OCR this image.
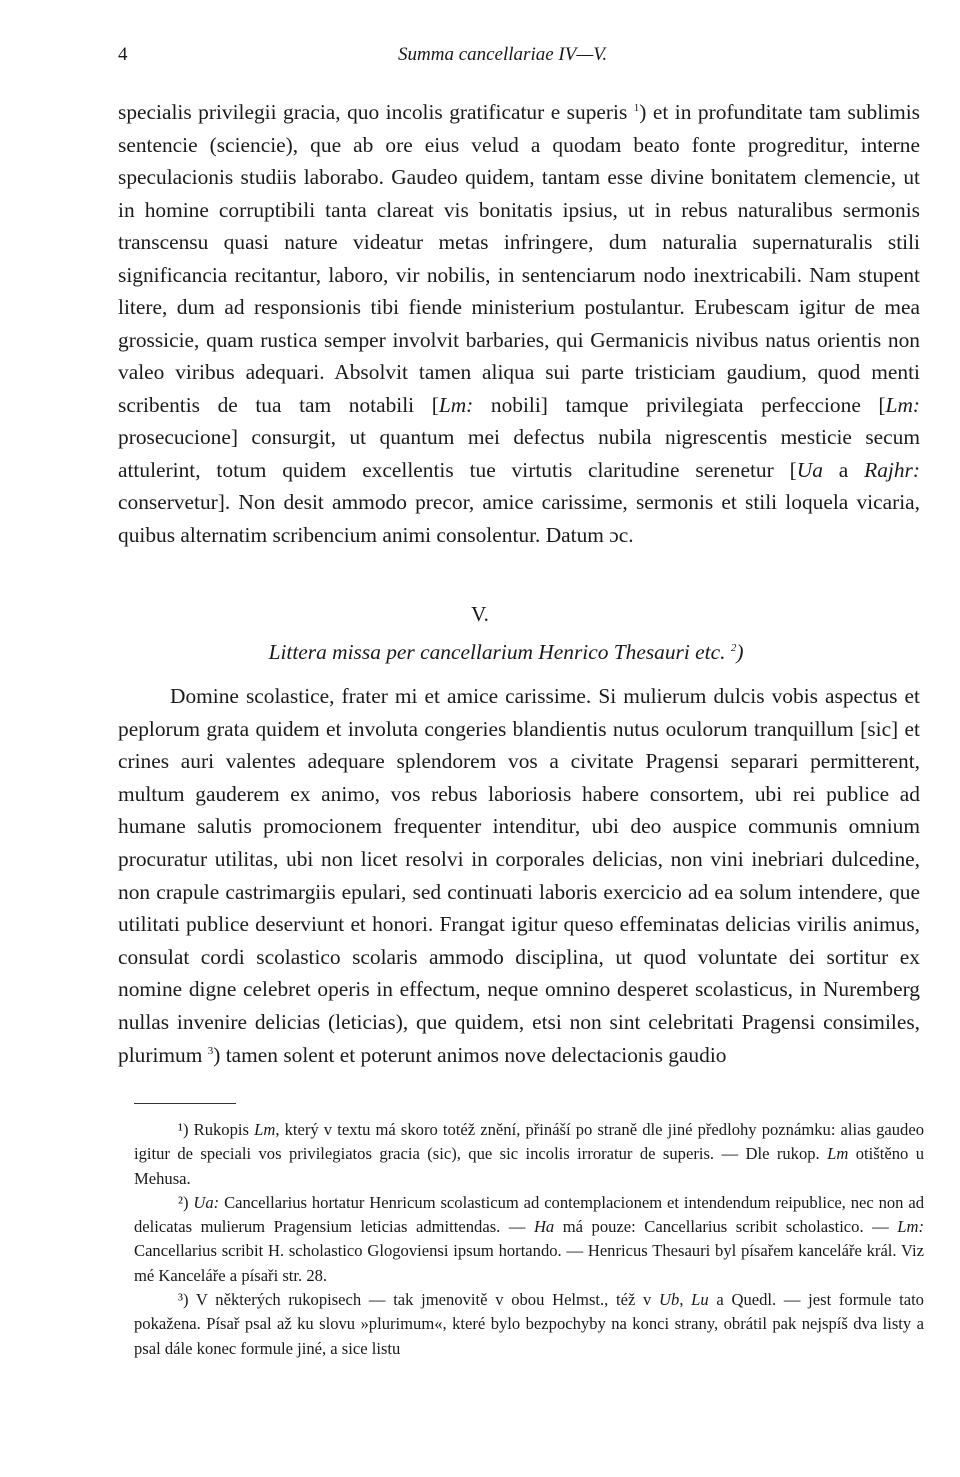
4	Summa cancellariae IV—V.

specialis privilegii gracia, quo incolis gratificatur e superis $^1$) et in profunditate tam sublimis sentencie (sciencie), que ab ore eius velud a quodam beato fonte progreditur, interne speculacionis studiis laborabo. Gaudeo quidem, tantam esse divine bonitatem clemencie, ut in homine corruptibili tanta clareat vis bonitatis ipsius, ut in rebus naturalibus sermonis transcensu quasi nature videatur metas infringere, dum naturalia supernaturalis stili significancia recitantur, laboro, vir nobilis, in sentenciarum nodo inextricabili. Nam stupent litere, dum ad responsionis tibi fiende ministerium postulantur. Erubescam igitur de mea grossicie, quam rustica semper involvit barbaries, qui Germanicis nivibus natus orientis non valeo viribus adequari. Absolvit tamen aliqua sui parte tristiciam gaudium, quod menti scribentis de tua tam notabili [Lm: nobili] tamque privilegiata perfeccione [Lm: prosecucione] consurgit, ut quantum mei defectus nubila nigrescentis mesticie secum attulerint, totum quidem excellentis tue virtutis claritudine serenetur [Ua a Rajhr: conservetur]. Non desit ammodo precor, amice carissime, sermonis et stili loquela vicaria, quibus alternatim scribencium animi consolentur. Datum ɔc.

V.
Littera missa per cancellarium Henrico Thesauri etc. $^2$)

Domine scolastice, frater mi et amice carissime. Si mulierum dulcis vobis aspectus et peplorum grata quidem et involuta congeries blandientis nutus oculorum tranquillum [sic] et crines auri valentes adequare splendorem vos a civitate Pragensi separari permitterent, multum gauderem ex animo, vos rebus laboriosis habere consortem, ubi rei publice ad humane salutis promocionem frequenter intenditur, ubi deo auspice communis omnium procuratur utilitas, ubi non licet resolvi in corporales delicias, non vini inebriari dulcedine, non crapule castrimargiis epulari, sed continuati laboris exercicio ad ea solum intendere, que utilitati publice deserviunt et honori. Frangat igitur queso effeminatas delicias virilis animus, consulat cordi scolastico scolaris ammodo disciplina, ut quod voluntate dei sortitur ex nomine digne celebret operis in effectum, neque omnino desperet scolasticus, in Nuremberg nullas invenire delicias (leticias), que quidem, etsi non sint celebritati Pragensi consimiles, plurimum $^3$) tamen solent et poterunt animos nove delectacionis gaudio

¹) Rukopis Lm, který v textu má skoro totéž znění, přináší po straně dle jiné předlohy poznámku: alias gaudeo igitur de speciali vos privilegiatos gracia (sic), que sic incolis irroratur de superis. — Dle rukop. Lm otištěno u Mehusa.

²) Ua: Cancellarius hortatur Henricum scolasticum ad contemplacionem et intendendum reipublice, nec non ad delicatas mulierum Pragensium leticias admittendas. — Ha má pouze: Cancellarius scribit scholastico. — Lm: Cancellarius scribit H. scholastico Glogoviensi ipsum hortando. — Henricus Thesauri byl písařem kanceláře král. Viz mé Kanceláře a písaři str. 28.

³) V některých rukopisech — tak jmenovitě v obou Helmst., též v Ub, Lu a Quedl. — jest formule tato pokažena. Písař psal až ku slovu »plurimum«, které bylo bezpochyby na konci strany, obrátil pak nejspíš dva listy a psal dále konec formule jiné, a sice listu
